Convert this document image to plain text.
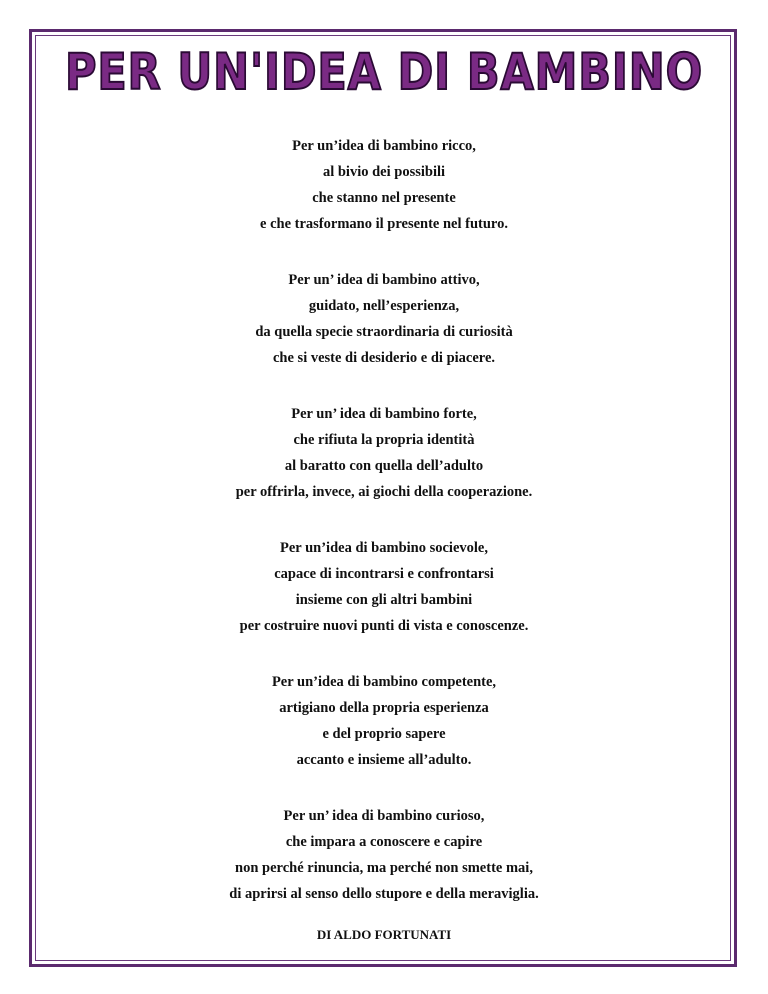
PER UN'IDEA DI BAMBINO
Per un’idea di bambino ricco,
al bivio dei possibili
che stanno nel presente
e che trasformano il presente nel futuro.
Per un’ idea di bambino attivo,
guidato, nell’esperienza,
da quella specie straordinaria di curiosità
che si veste di desiderio e di piacere.
Per un’ idea di bambino forte,
che rifiuta la propria identità
al baratto con quella dell’adulto
per offrirla, invece, ai giochi della cooperazione.
Per un’idea di bambino socievole,
capace di incontrarsi e confrontarsi
insieme con gli altri bambini
per costruire nuovi punti di vista e conoscenze.
Per un’idea di bambino competente,
artigiano della propria esperienza
e del proprio sapere
accanto e insieme all’adulto.
Per un’ idea di bambino curioso,
che impara a conoscere e capire
non perché rinuncia, ma perché non smette mai,
di aprirsi al senso dello stupore e della meraviglia.
DI ALDO FORTUNATI
